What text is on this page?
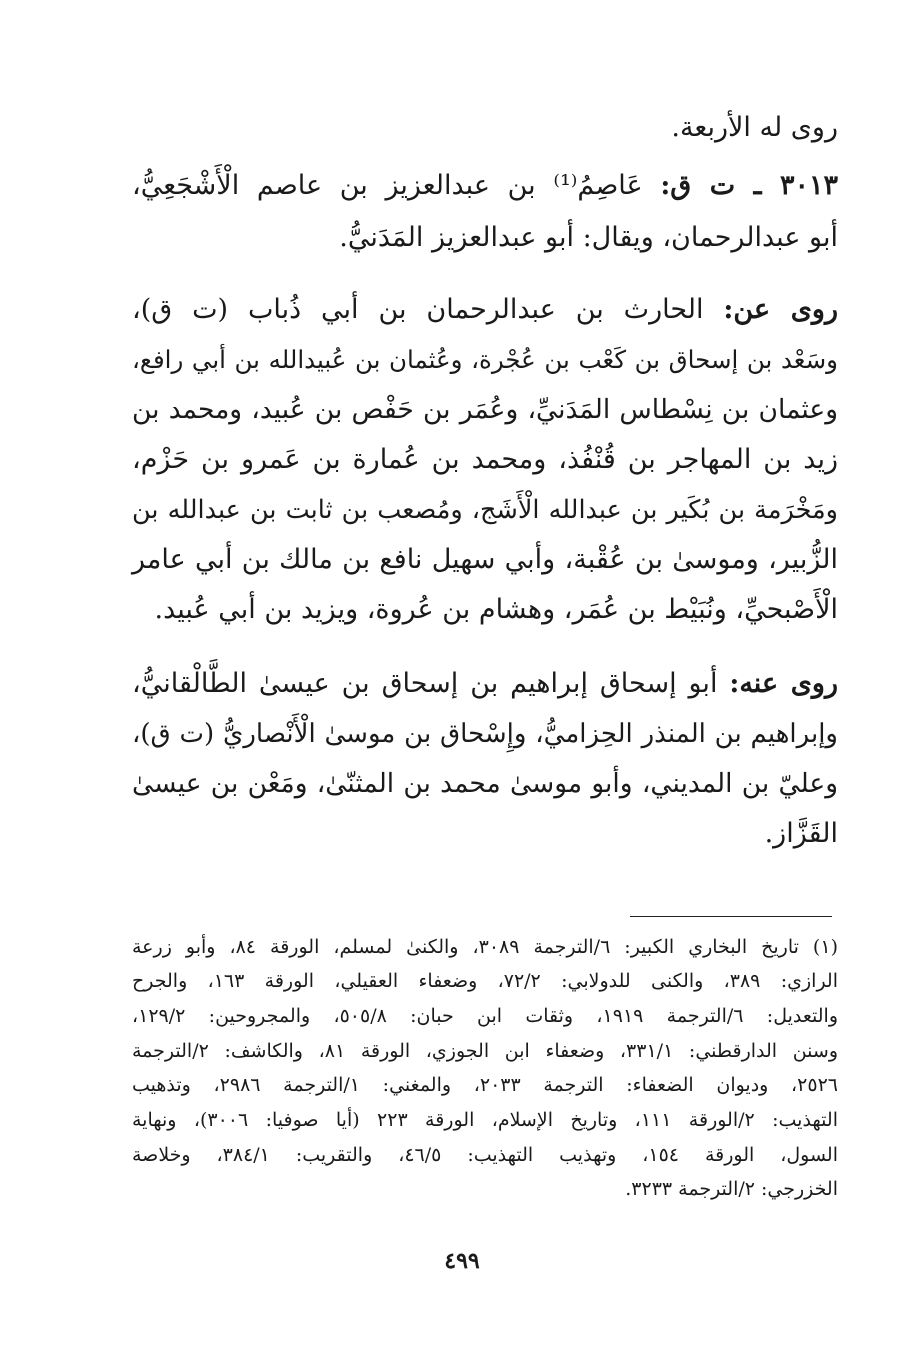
روى له الأربعة.
٣٠١٣ ـ ت ق: عَاصِمُ⁽¹⁾ بن عبدالعزيز بن عاصم الْأَشْجَعِيُّ،
أبو عبدالرحمان، ويقال: أبو عبدالعزيز المَدَنيُّ.
روى عن: الحارث بن عبدالرحمان بن أبي ذُباب (ت ق)،
وسَعْد بن إسحاق بن كَعْب بن عُجْرة، وعُثمان بن عُبيدالله بن أبي رافع،
وعثمان بن نِسْطاس المَدَنيِّ، وعُمَر بن حَفْص بن عُبيد، ومحمد بن
زيد بن المهاجر بن قُنْفُذ، ومحمد بن عُمارة بن عَمرو بن حَزْم،
ومَخْرَمة بن بُكَير بن عبدالله الْأَشَج، ومُصعب بن ثابت بن عبدالله بن
الزُّبير، وموسىٰ بن عُقْبة، وأبي سهيل نافع بن مالك بن أبي عامر
الْأَصْبحيِّ، ونُبَيْط بن عُمَر، وهشام بن عُروة، ويزيد بن أبي عُبيد.
روى عنه: أبو إسحاق إبراهيم بن إسحاق بن عيسىٰ الطَّالْقانيُّ،
وإبراهيم بن المنذر الحِزاميُّ، وإِسْحاق بن موسىٰ الْأَنْصاريُّ (ت ق)،
وعليّ بن المديني، وأبو موسىٰ محمد بن المثنّىٰ، ومَعْن بن عيسىٰ
القَزَّاز.
(١) تاريخ البخاري الكبير: ٦/الترجمة ٣٠٨٩، والكنىٰ لمسلم، الورقة ٨٤، وأبو زرعة
الرازي: ٣٨٩، والكنى للدولابي: ٧٢/٢، وضعفاء العقيلي، الورقة ١٦٣، والجرح
والتعديل: ٦/الترجمة ١٩١٩، وثقات ابن حبان: ٥٠٥/٨، والمجروحين: ١٢٩/٢،
وسنن الدارقطني: ٣٣١/١، وضعفاء ابن الجوزي، الورقة ٨١، والكاشف: ٢/الترجمة
٢٥٢٦، وديوان الضعفاء: الترجمة ٢٠٣٣، والمغني: ١/الترجمة ٢٩٨٦، وتذهيب
التهذيب: ٢/الورقة ١١١، وتاريخ الإسلام، الورقة ٢٢٣ (أيا صوفيا: ٣٠٠٦)، ونهاية
السول، الورقة ١٥٤، وتهذيب التهذيب: ٤٦/٥، والتقريب: ٣٨٤/١، وخلاصة
الخزرجي: ٢/الترجمة ٣٢٣٣.
٤٩٩
